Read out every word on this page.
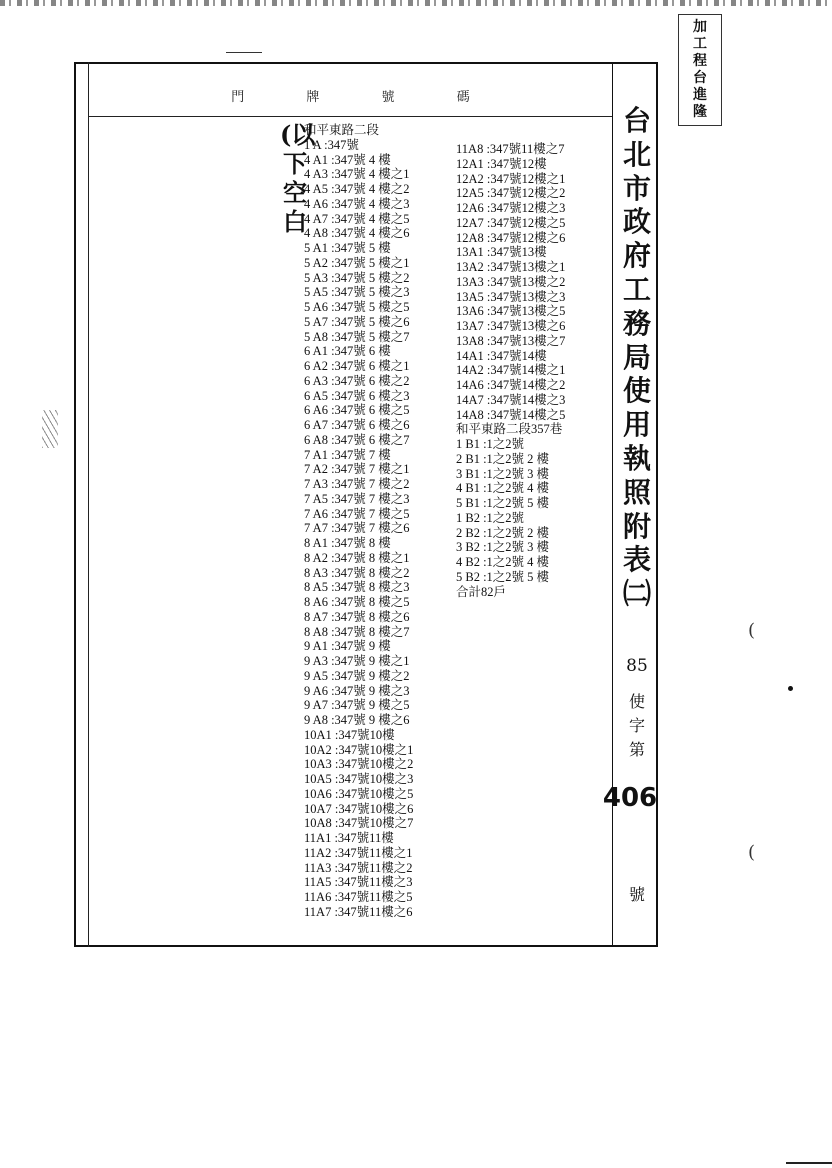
加
工
程
台
進
隆
門 牌 號 碼
台
北
市
政
府
工
務
局
使
用
執
照
附
表
㈡
85
使
字
第
406
號
(以
下
空
白
和平東路二段
1 A :347號
4 A1 :347號 4 樓
4 A3 :347號 4 樓之1
4 A5 :347號 4 樓之2
4 A6 :347號 4 樓之3
4 A7 :347號 4 樓之5
4 A8 :347號 4 樓之6
5 A1 :347號 5 樓
5 A2 :347號 5 樓之1
5 A3 :347號 5 樓之2
5 A5 :347號 5 樓之3
5 A6 :347號 5 樓之5
5 A7 :347號 5 樓之6
5 A8 :347號 5 樓之7
6 A1 :347號 6 樓
6 A2 :347號 6 樓之1
6 A3 :347號 6 樓之2
6 A5 :347號 6 樓之3
6 A6 :347號 6 樓之5
6 A7 :347號 6 樓之6
6 A8 :347號 6 樓之7
7 A1 :347號 7 樓
7 A2 :347號 7 樓之1
7 A3 :347號 7 樓之2
7 A5 :347號 7 樓之3
7 A6 :347號 7 樓之5
7 A7 :347號 7 樓之6
8 A1 :347號 8 樓
8 A2 :347號 8 樓之1
8 A3 :347號 8 樓之2
8 A5 :347號 8 樓之3
8 A6 :347號 8 樓之5
8 A7 :347號 8 樓之6
8 A8 :347號 8 樓之7
9 A1 :347號 9 樓
9 A3 :347號 9 樓之1
9 A5 :347號 9 樓之2
9 A6 :347號 9 樓之3
9 A7 :347號 9 樓之5
9 A8 :347號 9 樓之6
10A1 :347號10樓
10A2 :347號10樓之1
10A3 :347號10樓之2
10A5 :347號10樓之3
10A6 :347號10樓之5
10A7 :347號10樓之6
10A8 :347號10樓之7
11A1 :347號11樓
11A2 :347號11樓之1
11A3 :347號11樓之2
11A5 :347號11樓之3
11A6 :347號11樓之5
11A7 :347號11樓之6
11A8 :347號11樓之7
12A1 :347號12樓
12A2 :347號12樓之1
12A5 :347號12樓之2
12A6 :347號12樓之3
12A7 :347號12樓之5
12A8 :347號12樓之6
13A1 :347號13樓
13A2 :347號13樓之1
13A3 :347號13樓之2
13A5 :347號13樓之3
13A6 :347號13樓之5
13A7 :347號13樓之6
13A8 :347號13樓之7
14A1 :347號14樓
14A2 :347號14樓之1
14A6 :347號14樓之2
14A7 :347號14樓之3
14A8 :347號14樓之5
和平東路二段357巷
1 B1 :1之2號
2 B1 :1之2號 2 樓
3 B1 :1之2號 3 樓
4 B1 :1之2號 4 樓
5 B1 :1之2號 5 樓
1 B2 :1之2號
2 B2 :1之2號 2 樓
3 B2 :1之2號 3 樓
4 B2 :1之2號 4 樓
5 B2 :1之2號 5 樓
合計82戶
(
(
